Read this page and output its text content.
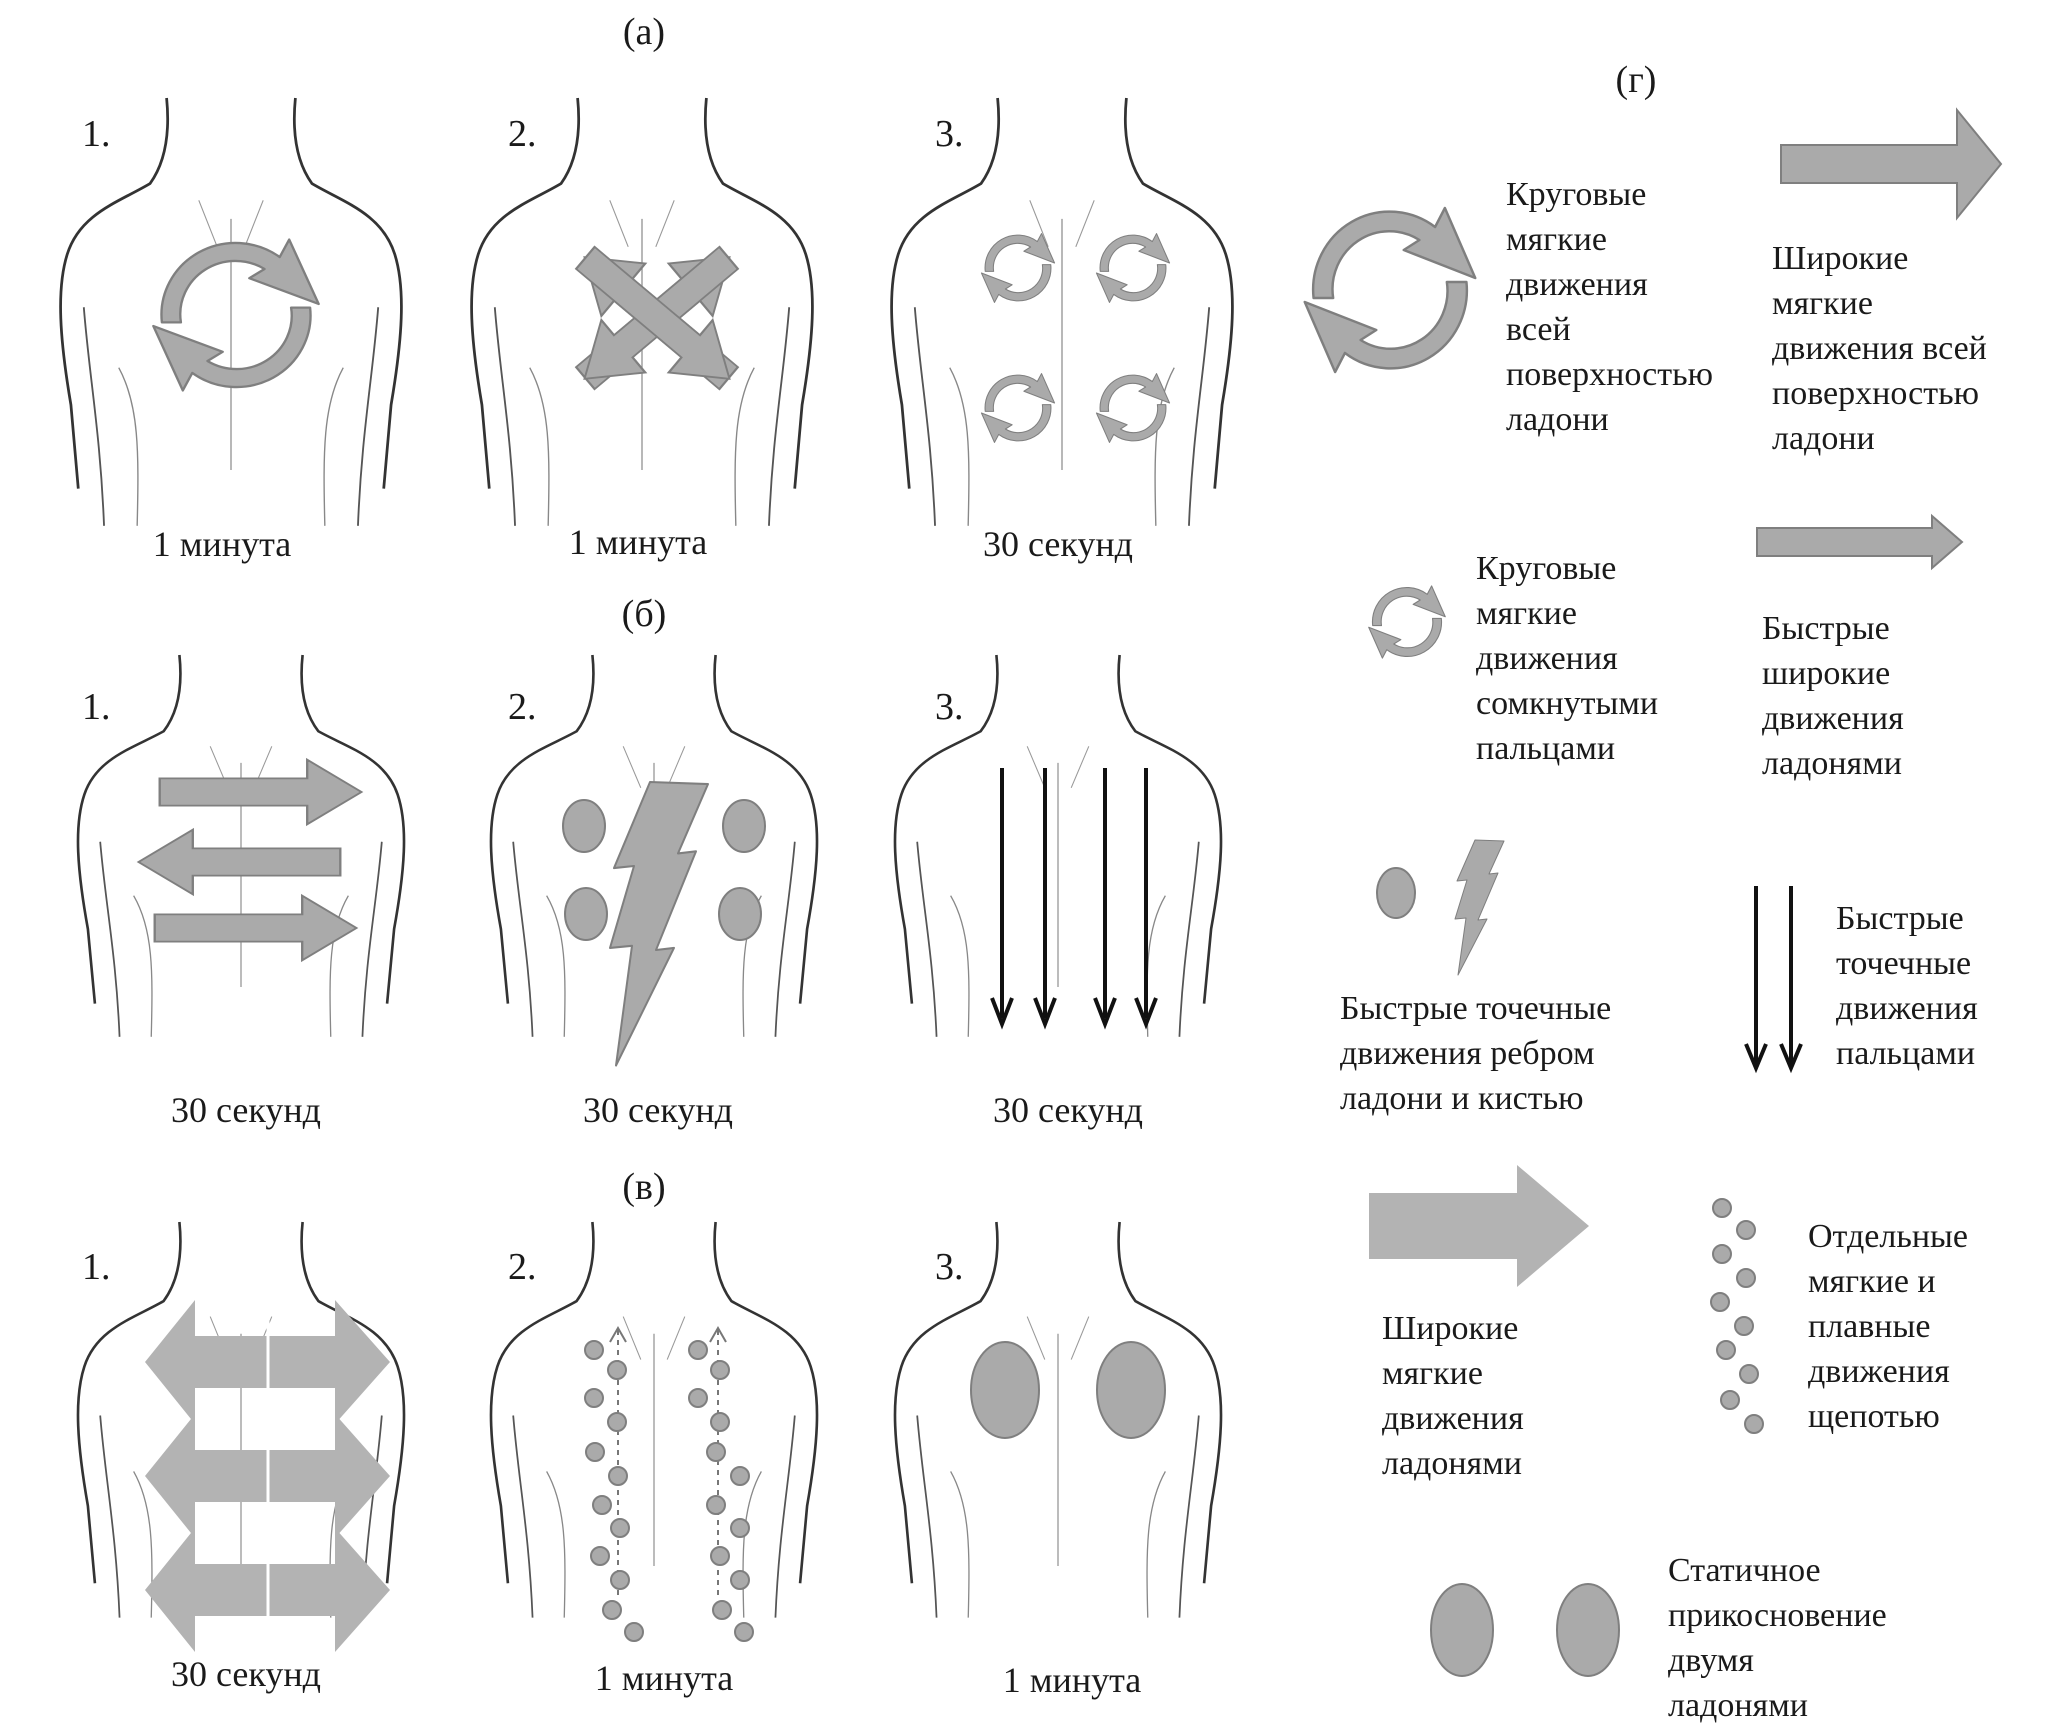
(а)

(б)

(в)

(г)

1.	2.	3.

1 минута	1 минута	30 секунд

1.	2.	3.

30 секунд	30 секунд	30 секунд

1.	2.	3.

30 секунд	1 минута	1 минута

Круговые
мягкие
движения
всей
поверхностью
ладони

Широкие
мягкие
движения всей
поверхностью
ладони

Круговые
мягкие
движения
сомкнутыми
пальцами

Быстрые
широкие
движения
ладонями

Быстрые точечные
движения ребром
ладони и кистью

Быстрые
точечные
движения
пальцами

Широкие
мягкие
движения
ладонями

Отдельные
мягкие и
плавные
движения
щепотью

Статичное
прикосновение
двумя
ладонями
